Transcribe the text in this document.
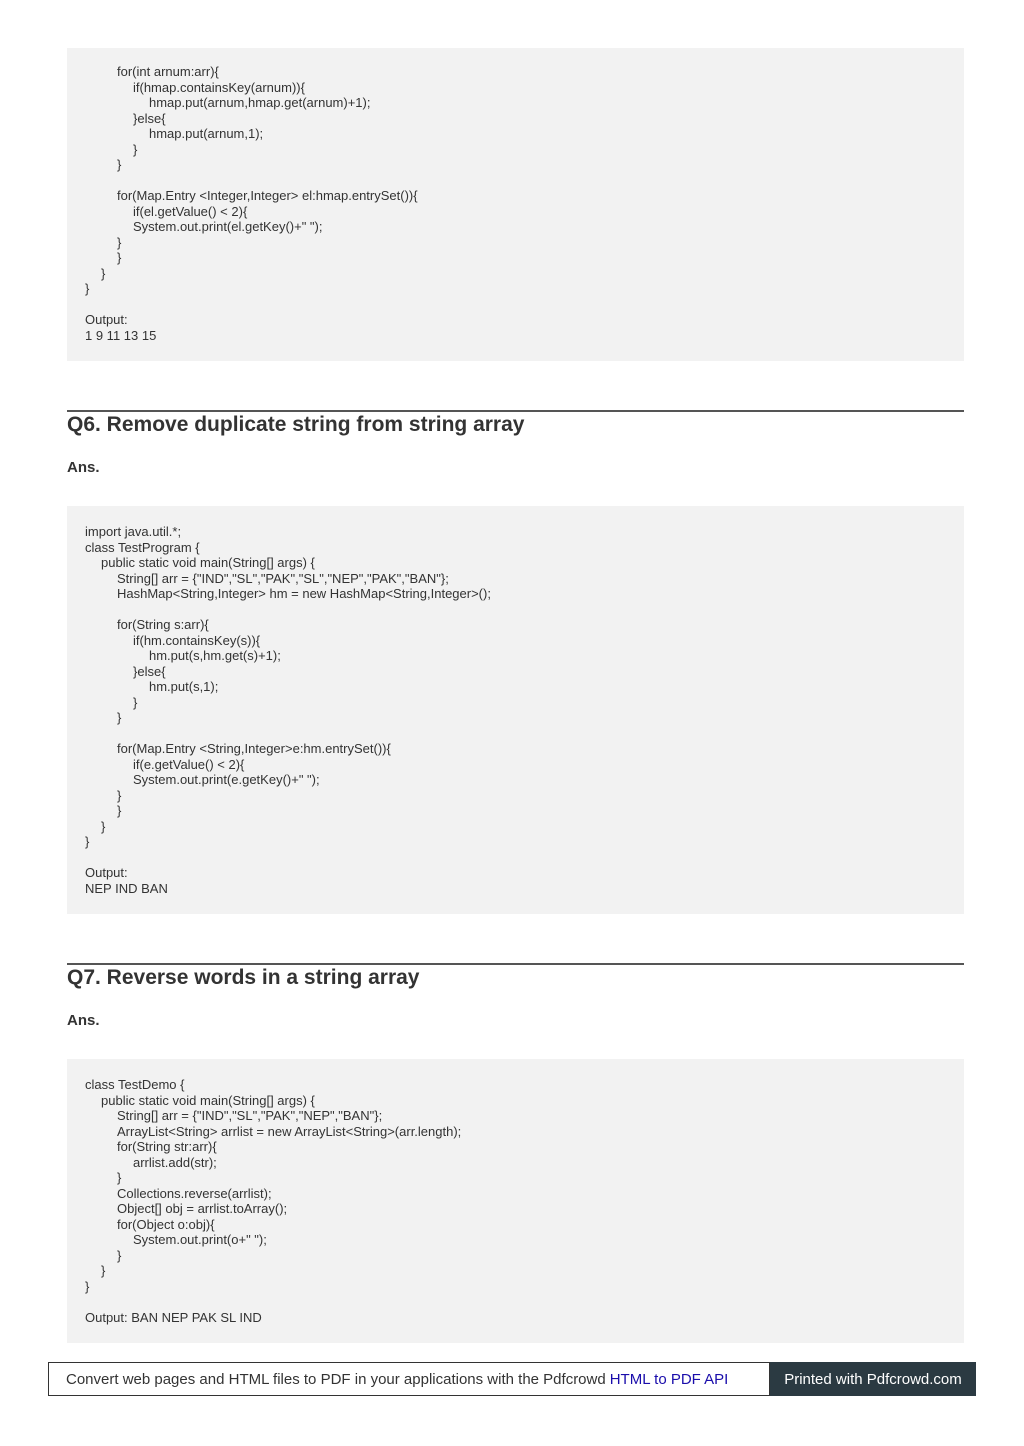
for(int arnum:arr){
if(hmap.containsKey(arnum)){
hmap.put(arnum,hmap.get(arnum)+1);
}else{
hmap.put(arnum,1);
}
}
for(Map.Entry <Integer,Integer> el:hmap.entrySet()){
if(el.getValue() < 2){
System.out.print(el.getKey()+" ");
}
}
}
}
Output:
1 9 11 13 15
Q6. Remove duplicate string from string array
Ans.
import java.util.*;
class TestProgram {
public static void main(String[] args) {
String[] arr = {"IND","SL","PAK","SL","NEP","PAK","BAN"};
HashMap<String,Integer> hm = new HashMap<String,Integer>();
for(String s:arr){
if(hm.containsKey(s)){
hm.put(s,hm.get(s)+1);
}else{
hm.put(s,1);
}
}
for(Map.Entry <String,Integer>e:hm.entrySet()){
if(e.getValue() < 2){
System.out.print(e.getKey()+" ");
}
}
}
}
Output:
NEP IND BAN
Q7. Reverse words in a string array
Ans.
class TestDemo {
public static void main(String[] args) {
String[] arr = {"IND","SL","PAK","NEP","BAN"};
ArrayList<String> arrlist = new ArrayList<String>(arr.length);
for(String str:arr){
arrlist.add(str);
}
Collections.reverse(arrlist);
Object[] obj = arrlist.toArray();
for(Object o:obj){
System.out.print(o+" ");
}
}
}
Output: BAN NEP PAK SL IND
Convert web pages and HTML files to PDF in your applications with the Pdfcrowd HTML to PDF API	Printed with Pdfcrowd.com
